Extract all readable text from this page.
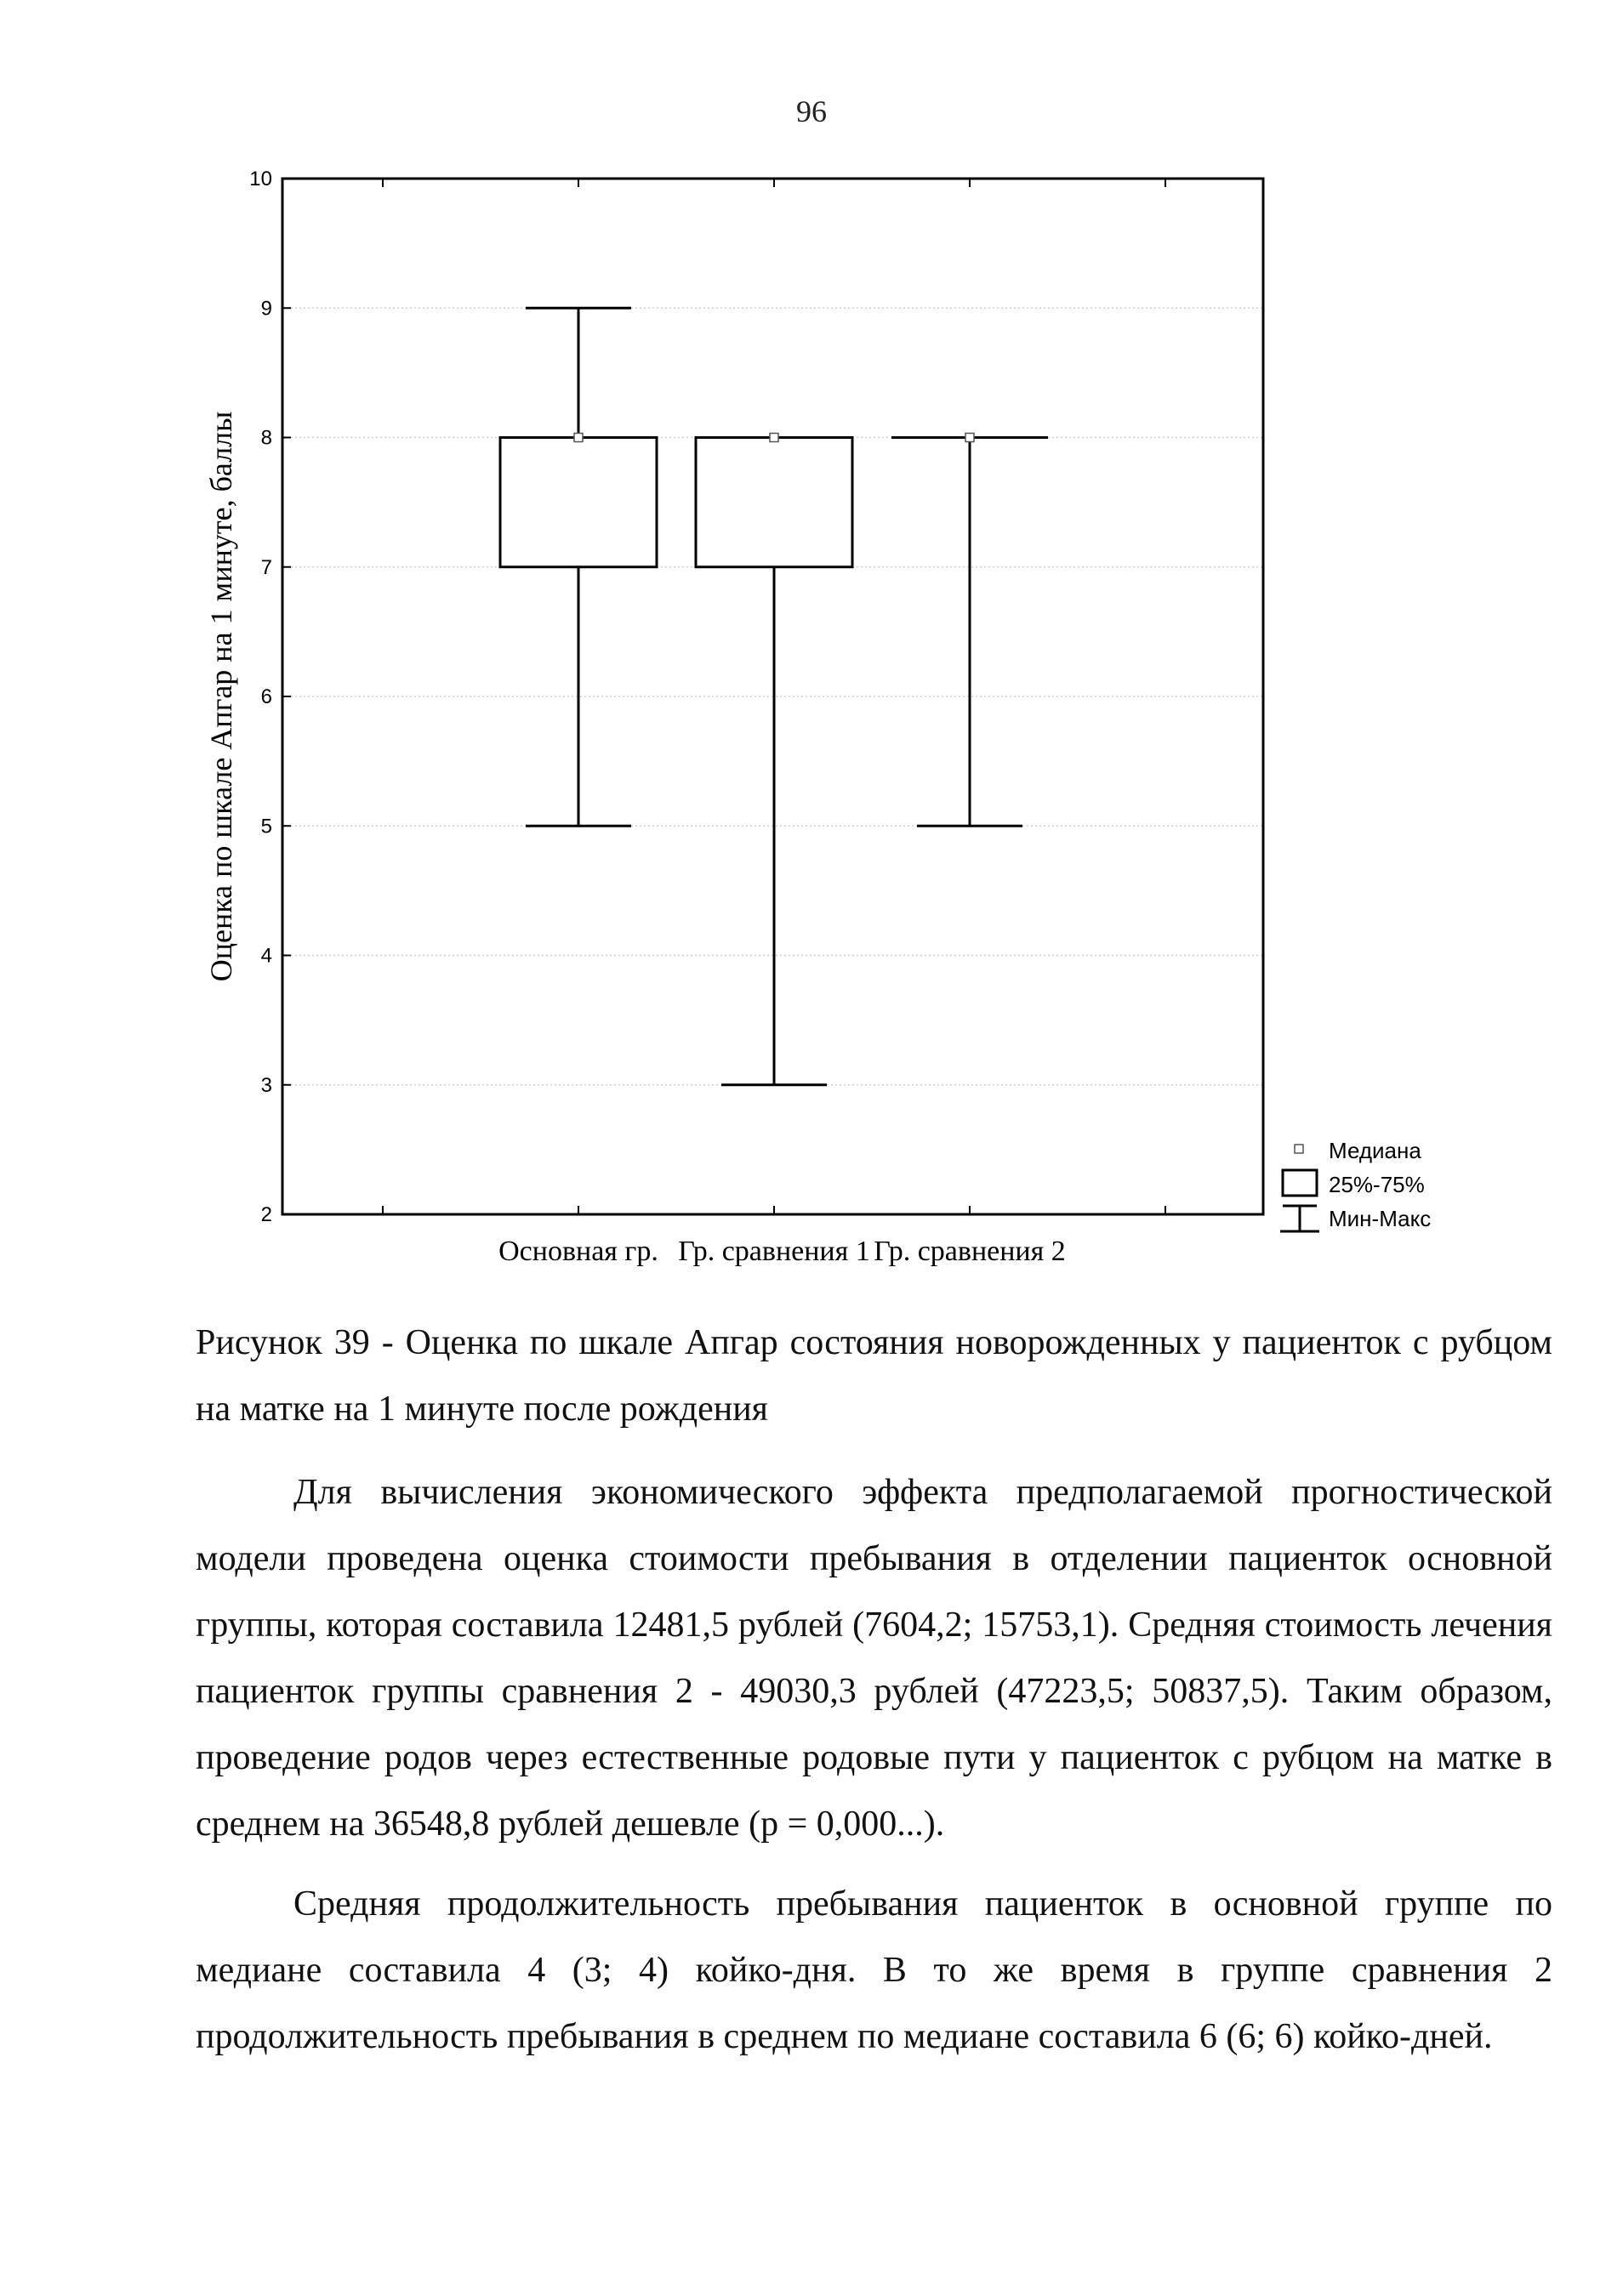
96
2
3
4
5
6
7
8
9
10
Основная гр. Гр. сравнения 1 Гр. сравнения 2
Оценка по шкале Апгар на 1 минуте, баллы
Медиана
25%-75%
Мин-Макс

Рисунок 39 - Оценка по шкале Апгар состояния новорожденных у пациенток с рубцом на матке на 1 минуте после рождения

Для вычисления экономического эффекта предполагаемой прогностической модели проведена оценка стоимости пребывания в отделении пациенток основной группы, которая составила 12481,5 рублей (7604,2; 15753,1). Средняя стоимость лечения пациенток группы сравнения 2 - 49030,3 рублей (47223,5; 50837,5). Таким образом, проведение родов через естественные родовые пути у пациенток с рубцом на матке в среднем на 36548,8 рублей дешевле (p = 0,000...).

Средняя продолжительность пребывания пациенток в основной группе по медиане составила 4 (3; 4) койко-дня. В то же время в группе сравнения 2 продолжительность пребывания в среднем по медиане составила 6 (6; 6) койко-дней.
